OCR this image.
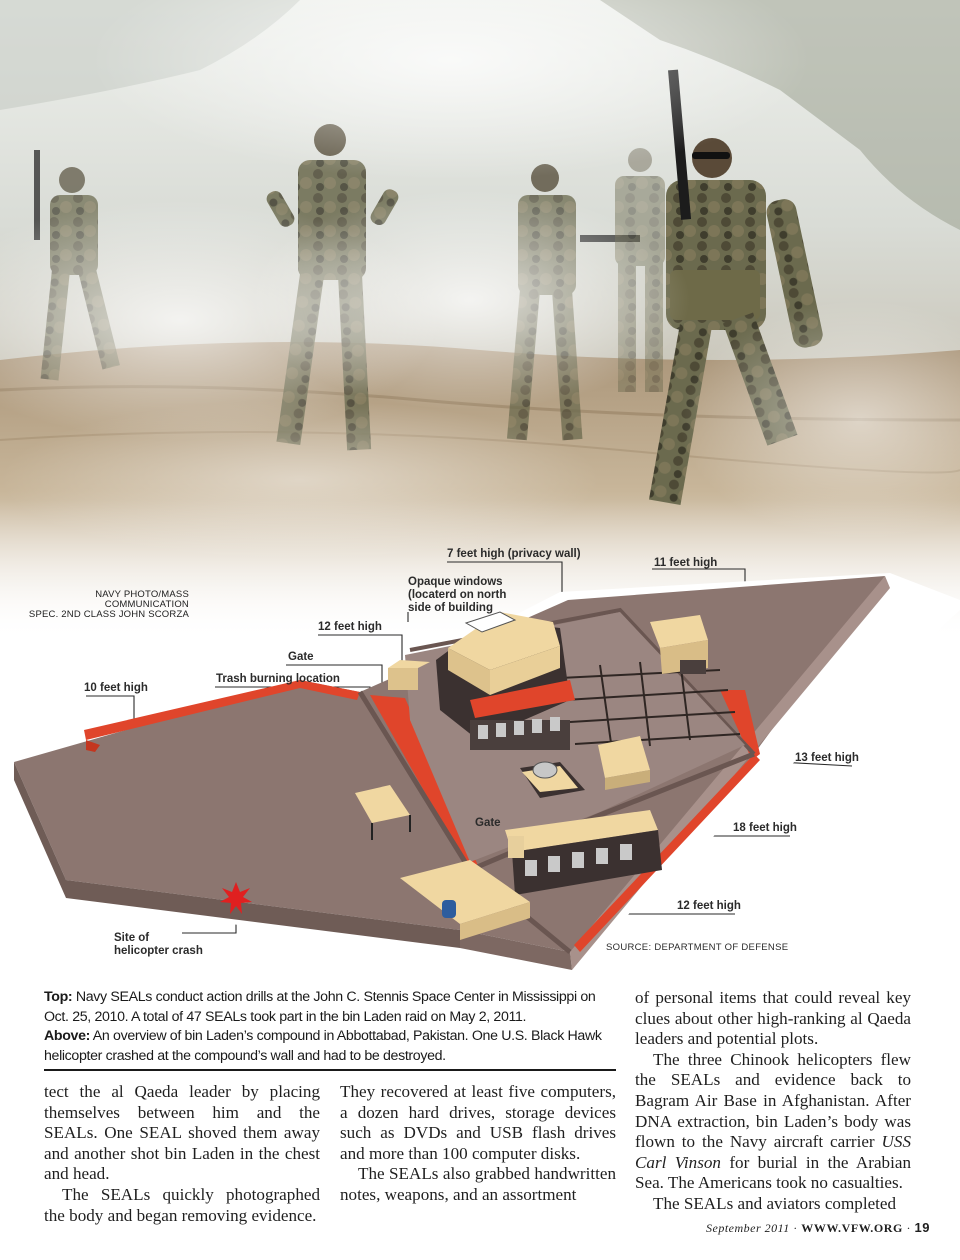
NAVY PHOTO/MASS COMMUNICATION
SPEC. 2ND CLASS JOHN SCORZA
7 feet high (privacy wall)
11 feet high
Opaque windows
(locaterd on north
side of building
12 feet high
Gate
Trash burning location
10 feet high
13 feet high
Gate	18 feet high
12 feet high
Site of
helicopter crash	SOURCE: DEPARTMENT OF DEFENSE
Top: Navy SEALs conduct action drills at the John C. Stennis Space Center in Mississippi on Oct. 25, 2010. A total of 47 SEALs took part in the bin Laden raid on May 2, 2011.
Above: An overview of bin Laden’s compound in Abbottabad, Pakistan. One U.S. Black Hawk helicopter crashed at the compound’s wall and had to be destroyed.

tect the al Qaeda leader by placing themselves between him and the SEALs. One SEAL shoved them away and another shot bin Laden in the chest and head.

The SEALs quickly photographed the body and began removing evidence.

They recovered at least five computers, a dozen hard drives, storage devices such as DVDs and USB flash drives and more than 100 computer disks.

The SEALs also grabbed handwritten notes, weapons, and an assortment

of personal items that could reveal key clues about other high-ranking al Qaeda leaders and potential plots.

The three Chinook helicopters flew the SEALs and evidence back to Bagram Air Base in Afghanistan. After DNA extraction, bin Laden’s body was flown to the Navy aircraft carrier USS Carl Vinson for burial in the Arabian Sea. The Americans took no casualties.

The SEALs and aviators completed

September 2011 · WWW.VFW.ORG · 19
